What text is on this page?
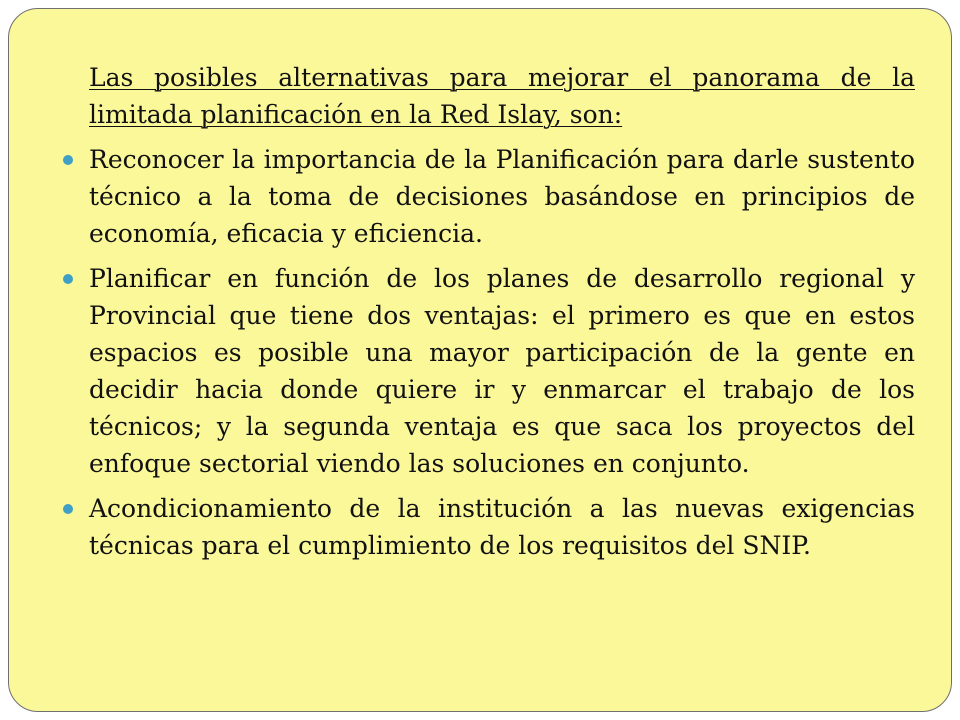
Las posibles alternativas para mejorar el panorama de la limitada planificación en la Red Islay, son:

Reconocer la importancia de la Planificación para darle sustento técnico a la toma de decisiones basándose en principios de economía, eficacia y eficiencia.

Planificar en función de los planes de desarrollo regional y Provincial que tiene dos ventajas: el primero es que en estos espacios es posible una mayor participación de la gente en decidir hacia donde quiere ir y enmarcar el trabajo de los técnicos; y la segunda ventaja es que saca los proyectos del enfoque sectorial viendo las soluciones en conjunto.

Acondicionamiento de la institución a las nuevas exigencias técnicas para el cumplimiento de los requisitos del SNIP.
